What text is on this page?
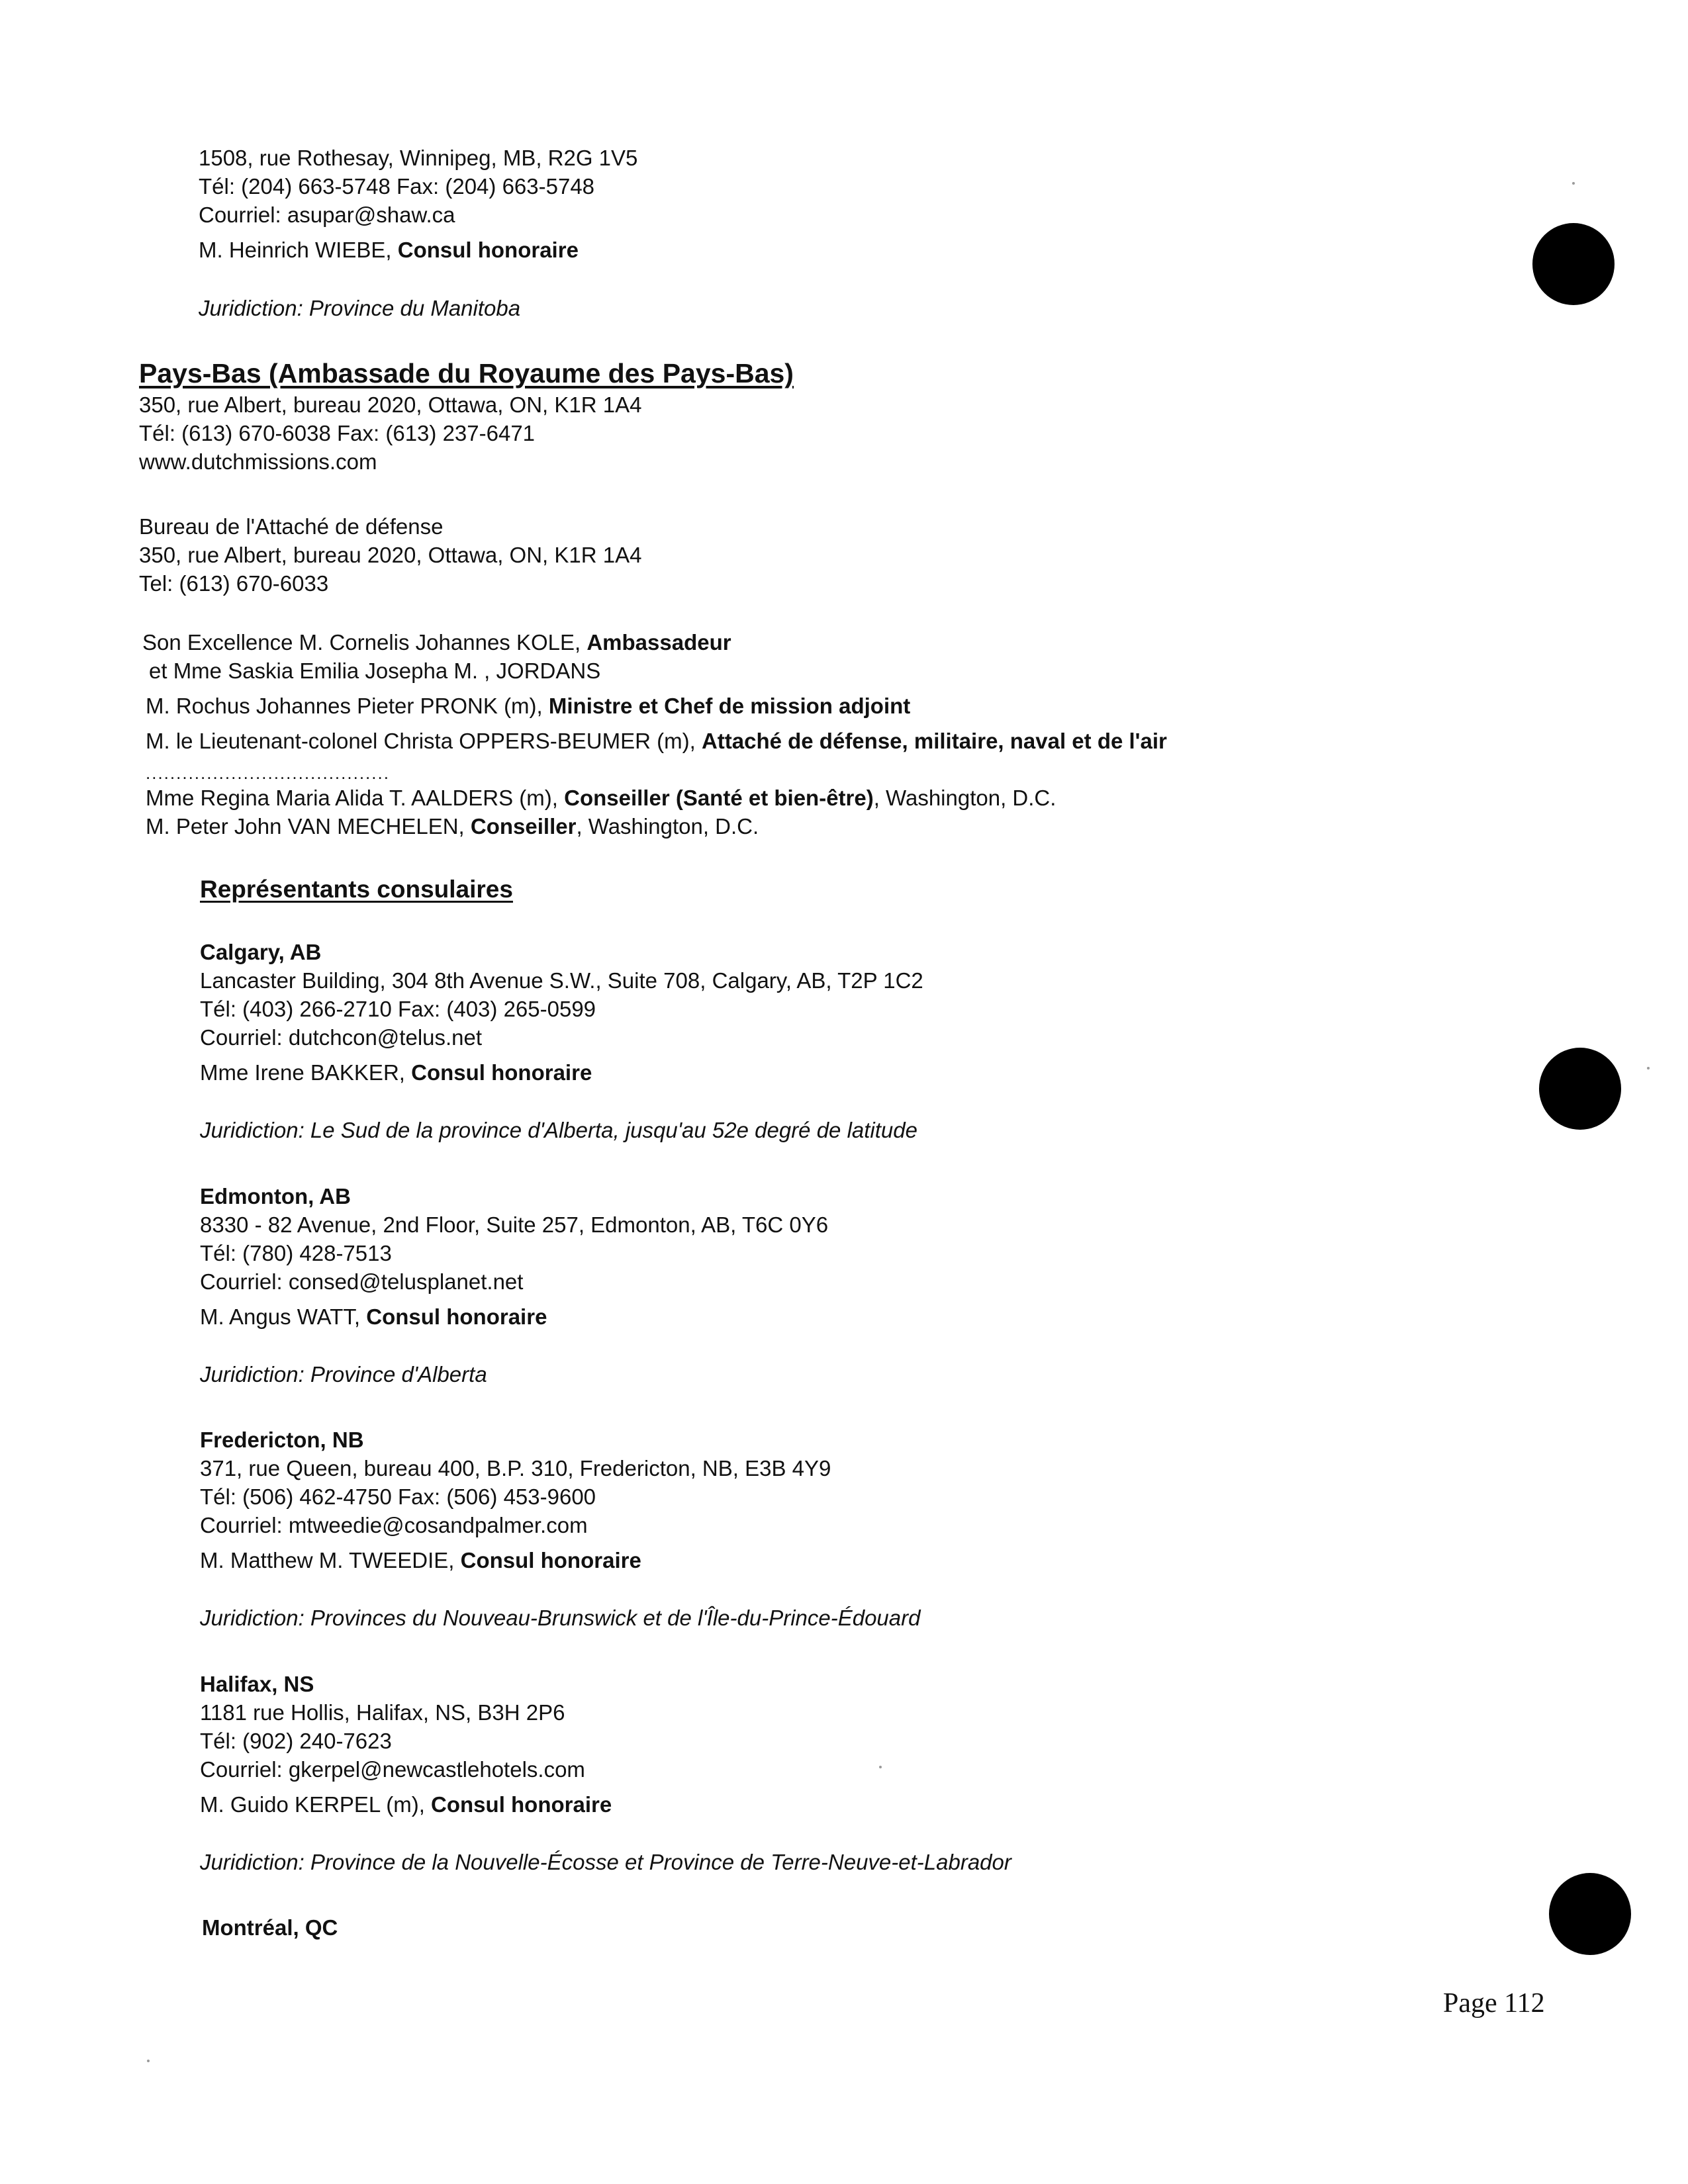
1508, rue Rothesay, Winnipeg, MB, R2G 1V5
Tél: (204) 663-5748 Fax: (204) 663-5748
Courriel: asupar@shaw.ca
M. Heinrich WIEBE, Consul honoraire
Juridiction: Province du Manitoba
Pays-Bas (Ambassade du Royaume des Pays-Bas)
350, rue Albert, bureau 2020, Ottawa, ON, K1R 1A4
Tél: (613) 670-6038 Fax: (613) 237-6471
www.dutchmissions.com
Bureau de l'Attaché de défense
350, rue Albert, bureau 2020, Ottawa, ON, K1R 1A4
Tel: (613) 670-6033
Son Excellence M. Cornelis Johannes KOLE, Ambassadeur
et Mme Saskia Emilia Josepha M. , JORDANS
M. Rochus Johannes Pieter PRONK (m), Ministre et Chef de mission adjoint
M. le Lieutenant-colonel Christa OPPERS-BEUMER (m), Attaché de défense, militaire, naval et de l'air
........................................
Mme Regina Maria Alida T. AALDERS (m), Conseiller (Santé et bien-être), Washington, D.C.
M. Peter John VAN MECHELEN, Conseiller, Washington, D.C.
Représentants consulaires
Calgary, AB
Lancaster Building, 304 8th Avenue S.W., Suite 708, Calgary, AB, T2P 1C2
Tél: (403) 266-2710 Fax: (403) 265-0599
Courriel: dutchcon@telus.net
Mme Irene BAKKER, Consul honoraire
Juridiction: Le Sud de la province d'Alberta, jusqu'au 52e degré de latitude
Edmonton, AB
8330 - 82 Avenue, 2nd Floor, Suite 257, Edmonton, AB, T6C 0Y6
Tél: (780) 428-7513
Courriel: consed@telusplanet.net
M. Angus WATT, Consul honoraire
Juridiction: Province d'Alberta
Fredericton, NB
371, rue Queen, bureau 400, B.P. 310, Fredericton, NB, E3B 4Y9
Tél: (506) 462-4750 Fax: (506) 453-9600
Courriel: mtweedie@cosandpalmer.com
M. Matthew M. TWEEDIE, Consul honoraire
Juridiction: Provinces du Nouveau-Brunswick et de l'Île-du-Prince-Édouard
Halifax, NS
1181 rue Hollis, Halifax, NS, B3H 2P6
Tél: (902) 240-7623
Courriel: gkerpel@newcastlehotels.com
M. Guido KERPEL (m), Consul honoraire
Juridiction: Province de la Nouvelle-Écosse et Province de Terre-Neuve-et-Labrador
Montréal, QC
Page 112
